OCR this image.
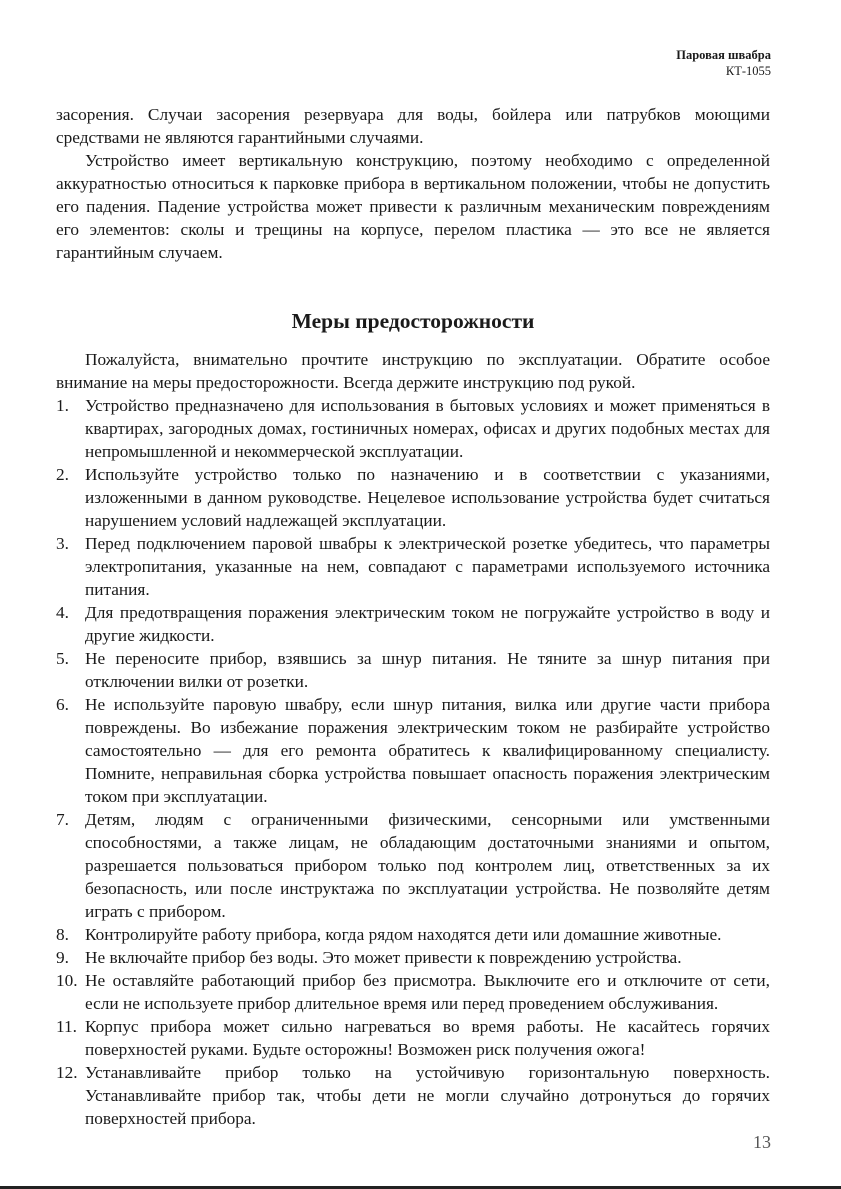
Паровая швабра
КТ-1055

засорения. Случаи засорения резервуара для воды, бойлера или патрубков моющими средствами не являются гарантийными случаями.

Устройство имеет вертикальную конструкцию, поэтому необходимо с определенной аккуратностью относиться к парковке прибора в вертикальном положении, чтобы не допустить его падения. Падение устройства может привести к различным механическим повреждениям его элементов: сколы и трещины на корпусе, перелом пластика — это все не является гарантийным случаем.

Меры предосторожности

Пожалуйста, внимательно прочтите инструкцию по эксплуатации. Обратите особое внимание на меры предосторожности. Всегда держите инструкцию под рукой.

1. Устройство предназначено для использования в бытовых условиях и может применяться в квартирах, загородных домах, гостиничных номерах, офисах и других подобных местах для непромышленной и некоммерческой эксплуатации.
2. Используйте устройство только по назначению и в соответствии с указаниями, изложенными в данном руководстве. Нецелевое использование устройства будет считаться нарушением условий надлежащей эксплуатации.
3. Перед подключением паровой швабры к электрической розетке убедитесь, что параметры электропитания, указанные на нем, совпадают с параметрами используемого источника питания.
4. Для предотвращения поражения электрическим током не погружайте устройство в воду и другие жидкости.
5. Не переносите прибор, взявшись за шнур питания. Не тяните за шнур питания при отключении вилки от розетки.
6. Не используйте паровую швабру, если шнур питания, вилка или другие части прибора повреждены. Во избежание поражения электрическим током не разбирайте устройство самостоятельно — для его ремонта обратитесь к квалифицированному специалисту. Помните, неправильная сборка устройства повышает опасность поражения электрическим током при эксплуатации.
7. Детям, людям с ограниченными физическими, сенсорными или умственными способностями, а также лицам, не обладающим достаточными знаниями и опытом, разрешается пользоваться прибором только под контролем лиц, ответственных за их безопасность, или после инструктажа по эксплуатации устройства. Не позволяйте детям играть с прибором.
8. Контролируйте работу прибора, когда рядом находятся дети или домашние животные.
9. Не включайте прибор без воды. Это может привести к повреждению устройства.
10. Не оставляйте работающий прибор без присмотра. Выключите его и отключите от сети, если не используете прибор длительное время или перед проведением обслуживания.
11. Корпус прибора может сильно нагреваться во время работы. Не касайтесь горячих поверхностей руками. Будьте осторожны! Возможен риск получения ожога!
12. Устанавливайте прибор только на устойчивую горизонтальную поверхность. Устанавливайте прибор так, чтобы дети не могли случайно дотронуться до горячих поверхностей прибора.
13
